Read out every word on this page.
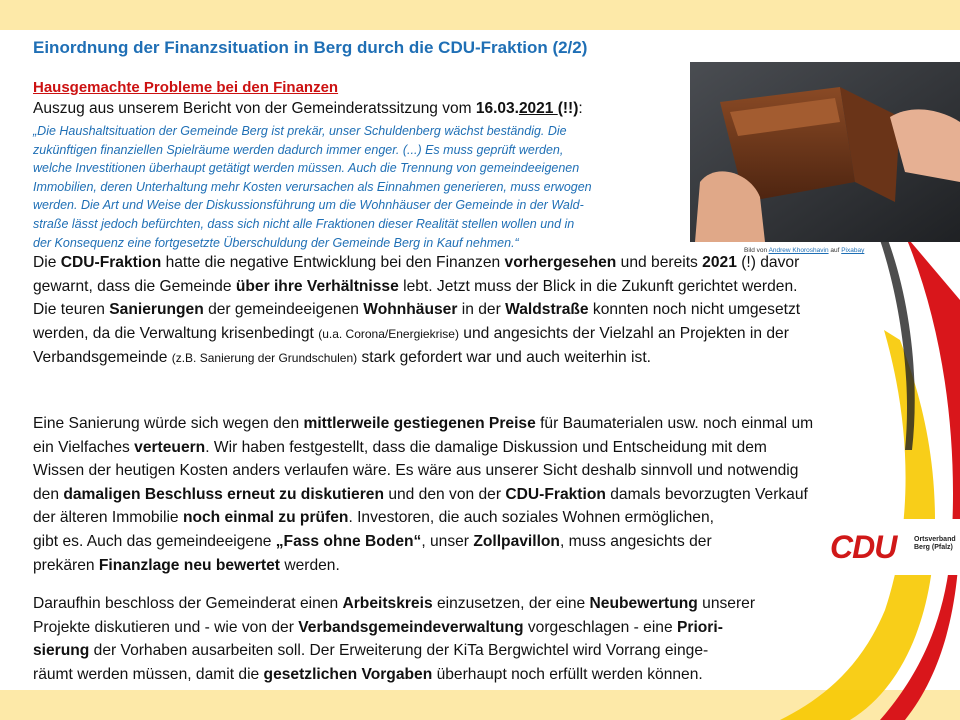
Einordnung der Finanzsituation in Berg durch die CDU-Fraktion (2/2)
Hausgemachte Probleme bei den Finanzen
Auszug aus unserem Bericht von der Gemeinderatssitzung vom 16.03.2021 (!!):
„Die Haushaltsituation der Gemeinde Berg ist prekär, unser Schuldenberg wächst beständig. Die
zukünftigen finanziellen Spielräume werden dadurch immer enger. (...) Es muss geprüft werden,
welche Investitionen überhaupt getätigt werden müssen. Auch die Trennung von gemeindeeigenen
Immobilien, deren Unterhaltung mehr Kosten verursachen als Einnahmen generieren, muss erwogen
werden. Die Art und Weise der Diskussionsführung um die Wohnhäuser der Gemeinde in der Wald-
straße lässt jedoch befürchten, dass sich nicht alle Fraktionen dieser Realität stellen wollen und in
der Konsequenz eine fortgesetzte Überschuldung der Gemeinde Berg in Kauf nehmen.“
Bild von Andrew Khoroshavin auf Pixabay
Die CDU-Fraktion hatte die negative Entwicklung bei den Finanzen vorhergesehen und bereits 2021 (!) davor
gewarnt, dass die Gemeinde über ihre Verhältnisse lebt. Jetzt muss der Blick in die Zukunft gerichtet werden.
Die teuren Sanierungen der gemeindeeigenen Wohnhäuser in der Waldstraße konnten noch nicht umgesetzt
werden, da die Verwaltung krisenbedingt (u.a. Corona/Energiekrise) und angesichts der Vielzahl an Projekten in der
Verbandsgemeinde (z.B. Sanierung der Grundschulen) stark gefordert war und auch weiterhin ist.
Eine Sanierung würde sich wegen den mittlerweile gestiegenen Preise für Baumaterialen usw. noch einmal um
ein Vielfaches verteuern. Wir haben festgestellt, dass die damalige Diskussion und Entscheidung mit dem
Wissen der heutigen Kosten anders verlaufen wäre. Es wäre aus unserer Sicht deshalb sinnvoll und notwendig
den damaligen Beschluss erneut zu diskutieren und den von der CDU-Fraktion damals bevorzugten Verkauf
der älteren Immobilie noch einmal zu prüfen. Investoren, die auch soziales Wohnen ermöglichen,
gibt es. Auch das gemeindeeigene „Fass ohne Boden“, unser Zollpavillon, muss angesichts der
prekären Finanzlage neu bewertet werden.
Daraufhin beschloss der Gemeinderat einen Arbeitskreis einzusetzen, der eine Neubewertung unserer
Projekte diskutieren und - wie von der Verbandsgemeindeverwaltung vorgeschlagen - eine Priori-
sierung der Vorhaben ausarbeiten soll. Der Erweiterung der KiTa Bergwichtel wird Vorrang einge-
räumt werden müssen, damit die gesetzlichen Vorgaben überhaupt noch erfüllt werden können.
CDU	Ortsverband
Berg (Pfalz)
